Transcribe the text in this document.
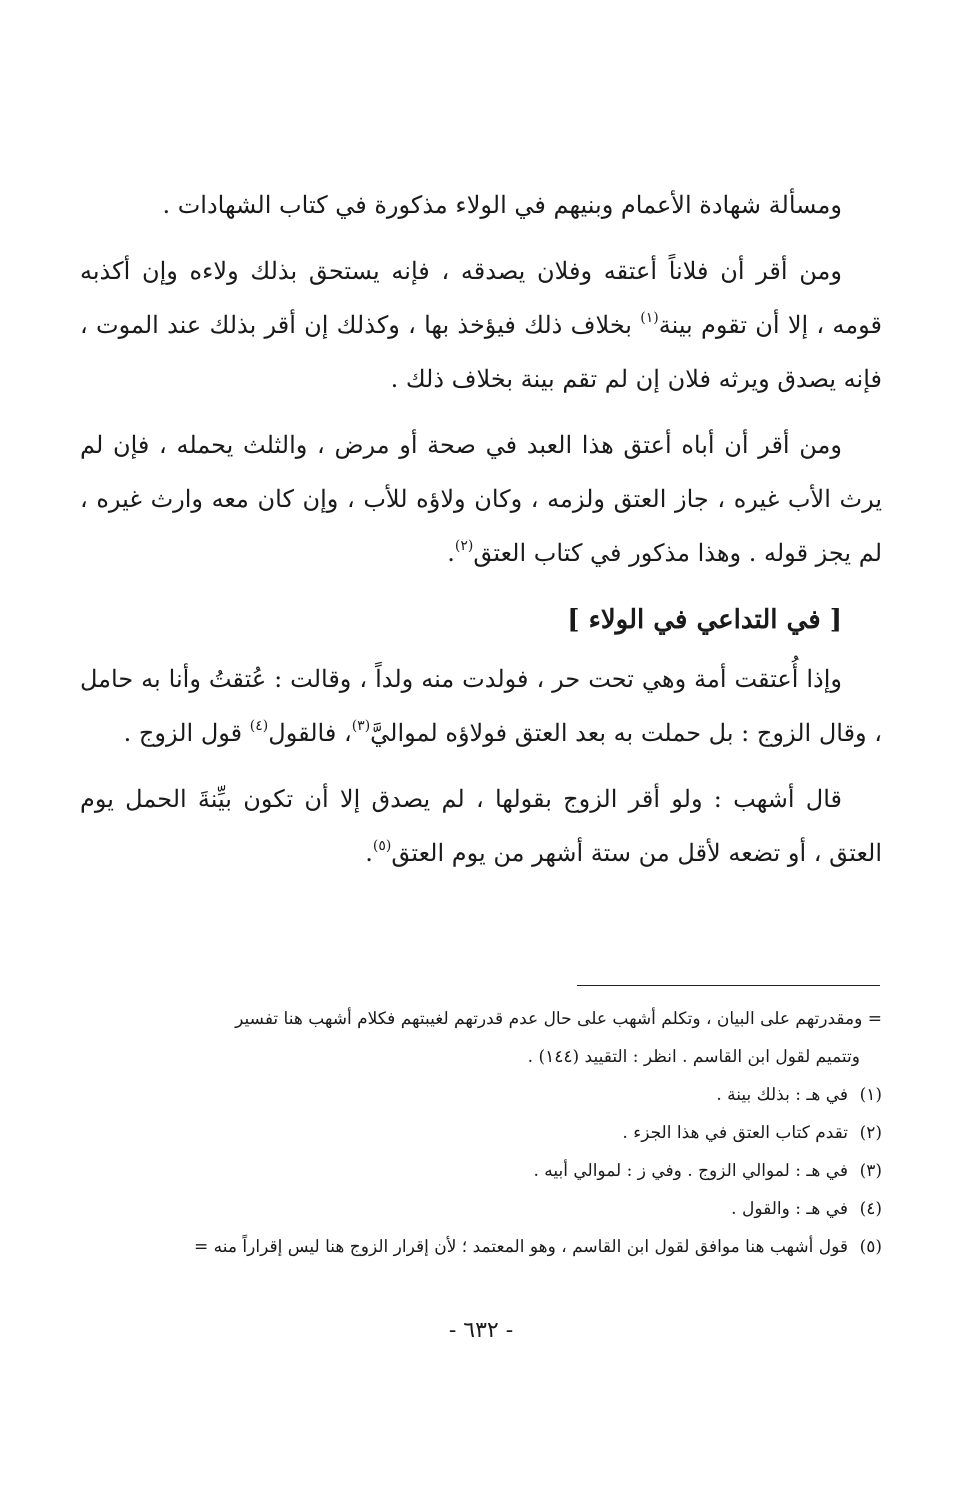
ومسألة شهادة الأعمام وبنيهم في الولاء مذكورة في كتاب الشهادات .

ومن أقر أن فلاناً أعتقه وفلان يصدقه ، فإنه يستحق بذلك ولاءه وإن أكذبه قومه ، إلا أن تقوم بينة$^{(١)}$ بخلاف ذلك فيؤخذ بها ، وكذلك إن أقر بذلك عند الموت ، فإنه يصدق ويرثه فلان إن لم تقم بينة بخلاف ذلك .

ومن أقر أن أباه أعتق هذا العبد في صحة أو مرض ، والثلث يحمله ، فإن لم يرث الأب غيره ، جاز العتق ولزمه ، وكان ولاؤه للأب ، وإن كان معه وارث غيره ، لم يجز قوله . وهذا مذكور في كتاب العتق$^{(٢)}$.

[ في التداعي في الولاء ]

وإذا أُعتقت أمة وهي تحت حر ، فولدت منه ولداً ، وقالت : عُتقتُ وأنا به حامل ، وقال الزوج : بل حملت به بعد العتق فولاؤه لمواليَّ$^{(٣)}$، فالقول$^{(٤)}$ قول الزوج .

قال أشهب : ولو أقر الزوج بقولها ، لم يصدق إلا أن تكون بيِّنةَ الحمل يوم العتق ، أو تضعه لأقل من ستة أشهر من يوم العتق$^{(٥)}$.

= ومقدرتهم على البيان ، وتكلم أشهب على حال عدم قدرتهم لغيبتهم فكلام أشهب هنا تفسير

وتتميم لقول ابن القاسم . انظر : التقييد (١٤٤) .

(١)في هـ : بذلك بينة .

(٢)تقدم كتاب العتق في هذا الجزء .

(٣)في هـ : لموالي الزوج . وفي ز : لموالي أبيه .

(٤)في هـ : والقول .

(٥)قول أشهب هنا موافق لقول ابن القاسم ، وهو المعتمد ؛ لأن إقرار الزوج هنا ليس إقراراً منه =

- ٦٣٢ -
